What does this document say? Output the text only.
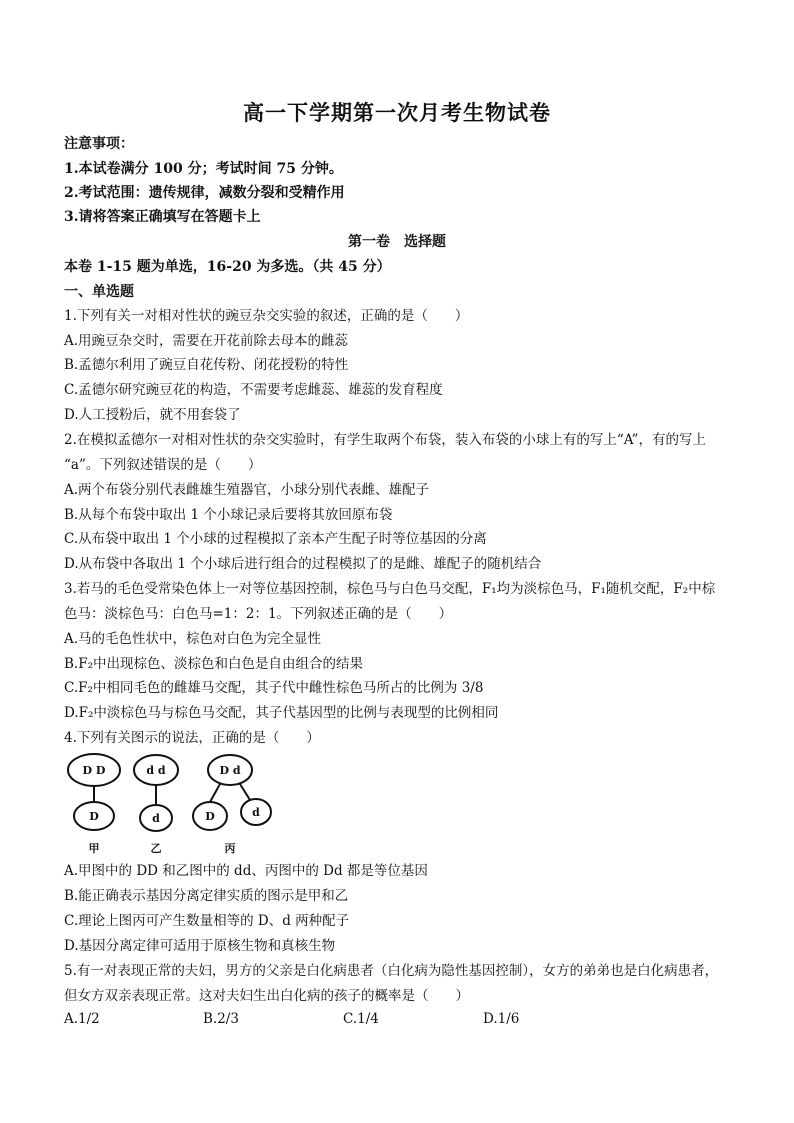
高一下学期第一次月考生物试卷
注意事项：
1.本试卷满分 100 分；考试时间 75 分钟。
2.考试范围：遗传规律，减数分裂和受精作用
3.请将答案正确填写在答题卡上
第一卷　选择题
本卷 1-15 题为单选，16-20 为多选。（共 45 分）
一、单选题
1.下列有关一对相对性状的豌豆杂交实验的叙述，正确的是（　　）
A.用豌豆杂交时，需要在开花前除去母本的雌蕊
B.孟德尔利用了豌豆自花传粉、闭花授粉的特性
C.孟德尔研究豌豆花的构造，不需要考虑雌蕊、雄蕊的发育程度
D.人工授粉后，就不用套袋了
2.在模拟孟德尔一对相对性状的杂交实验时，有学生取两个布袋，装入布袋的小球上有的写上“A”，有的写上
“a”。下列叙述错误的是（　　）
A.两个布袋分别代表雌雄生殖器官，小球分别代表雌、雄配子
B.从每个布袋中取出 1 个小球记录后要将其放回原布袋
C.从布袋中取出 1 个小球的过程模拟了亲本产生配子时等位基因的分离
D.从布袋中各取出 1 个小球后进行组合的过程模拟了的是雌、雄配子的随机结合
3.若马的毛色受常染色体上一对等位基因控制，棕色马与白色马交配，F₁均为淡棕色马，F₁随机交配，F₂中棕
色马：淡棕色马：白色马=1：2：1。下列叙述正确的是（　　）
A.马的毛色性状中，棕色对白色为完全显性
B.F₂中出现棕色、淡棕色和白色是自由组合的结果
C.F₂中相同毛色的雌雄马交配，其子代中雌性棕色马所占的比例为 3/8
D.F₂中淡棕色马与棕色马交配，其子代基因型的比例与表现型的比例相同
4.下列有关图示的说法，正确的是（　　）
D D	d d	D d
D	d	D	d
甲	乙	丙
A.甲图中的 DD 和乙图中的 dd、丙图中的 Dd 都是等位基因
B.能正确表示基因分离定律实质的图示是甲和乙
C.理论上图丙可产生数量相等的 D、d 两种配子
D.基因分离定律可适用于原核生物和真核生物
5.有一对表现正常的夫妇，男方的父亲是白化病患者（白化病为隐性基因控制），女方的弟弟也是白化病患者，
但女方双亲表现正常。这对夫妇生出白化病的孩子的概率是（　　）
A.1/2	B.2/3	C.1/4	D.1/6
